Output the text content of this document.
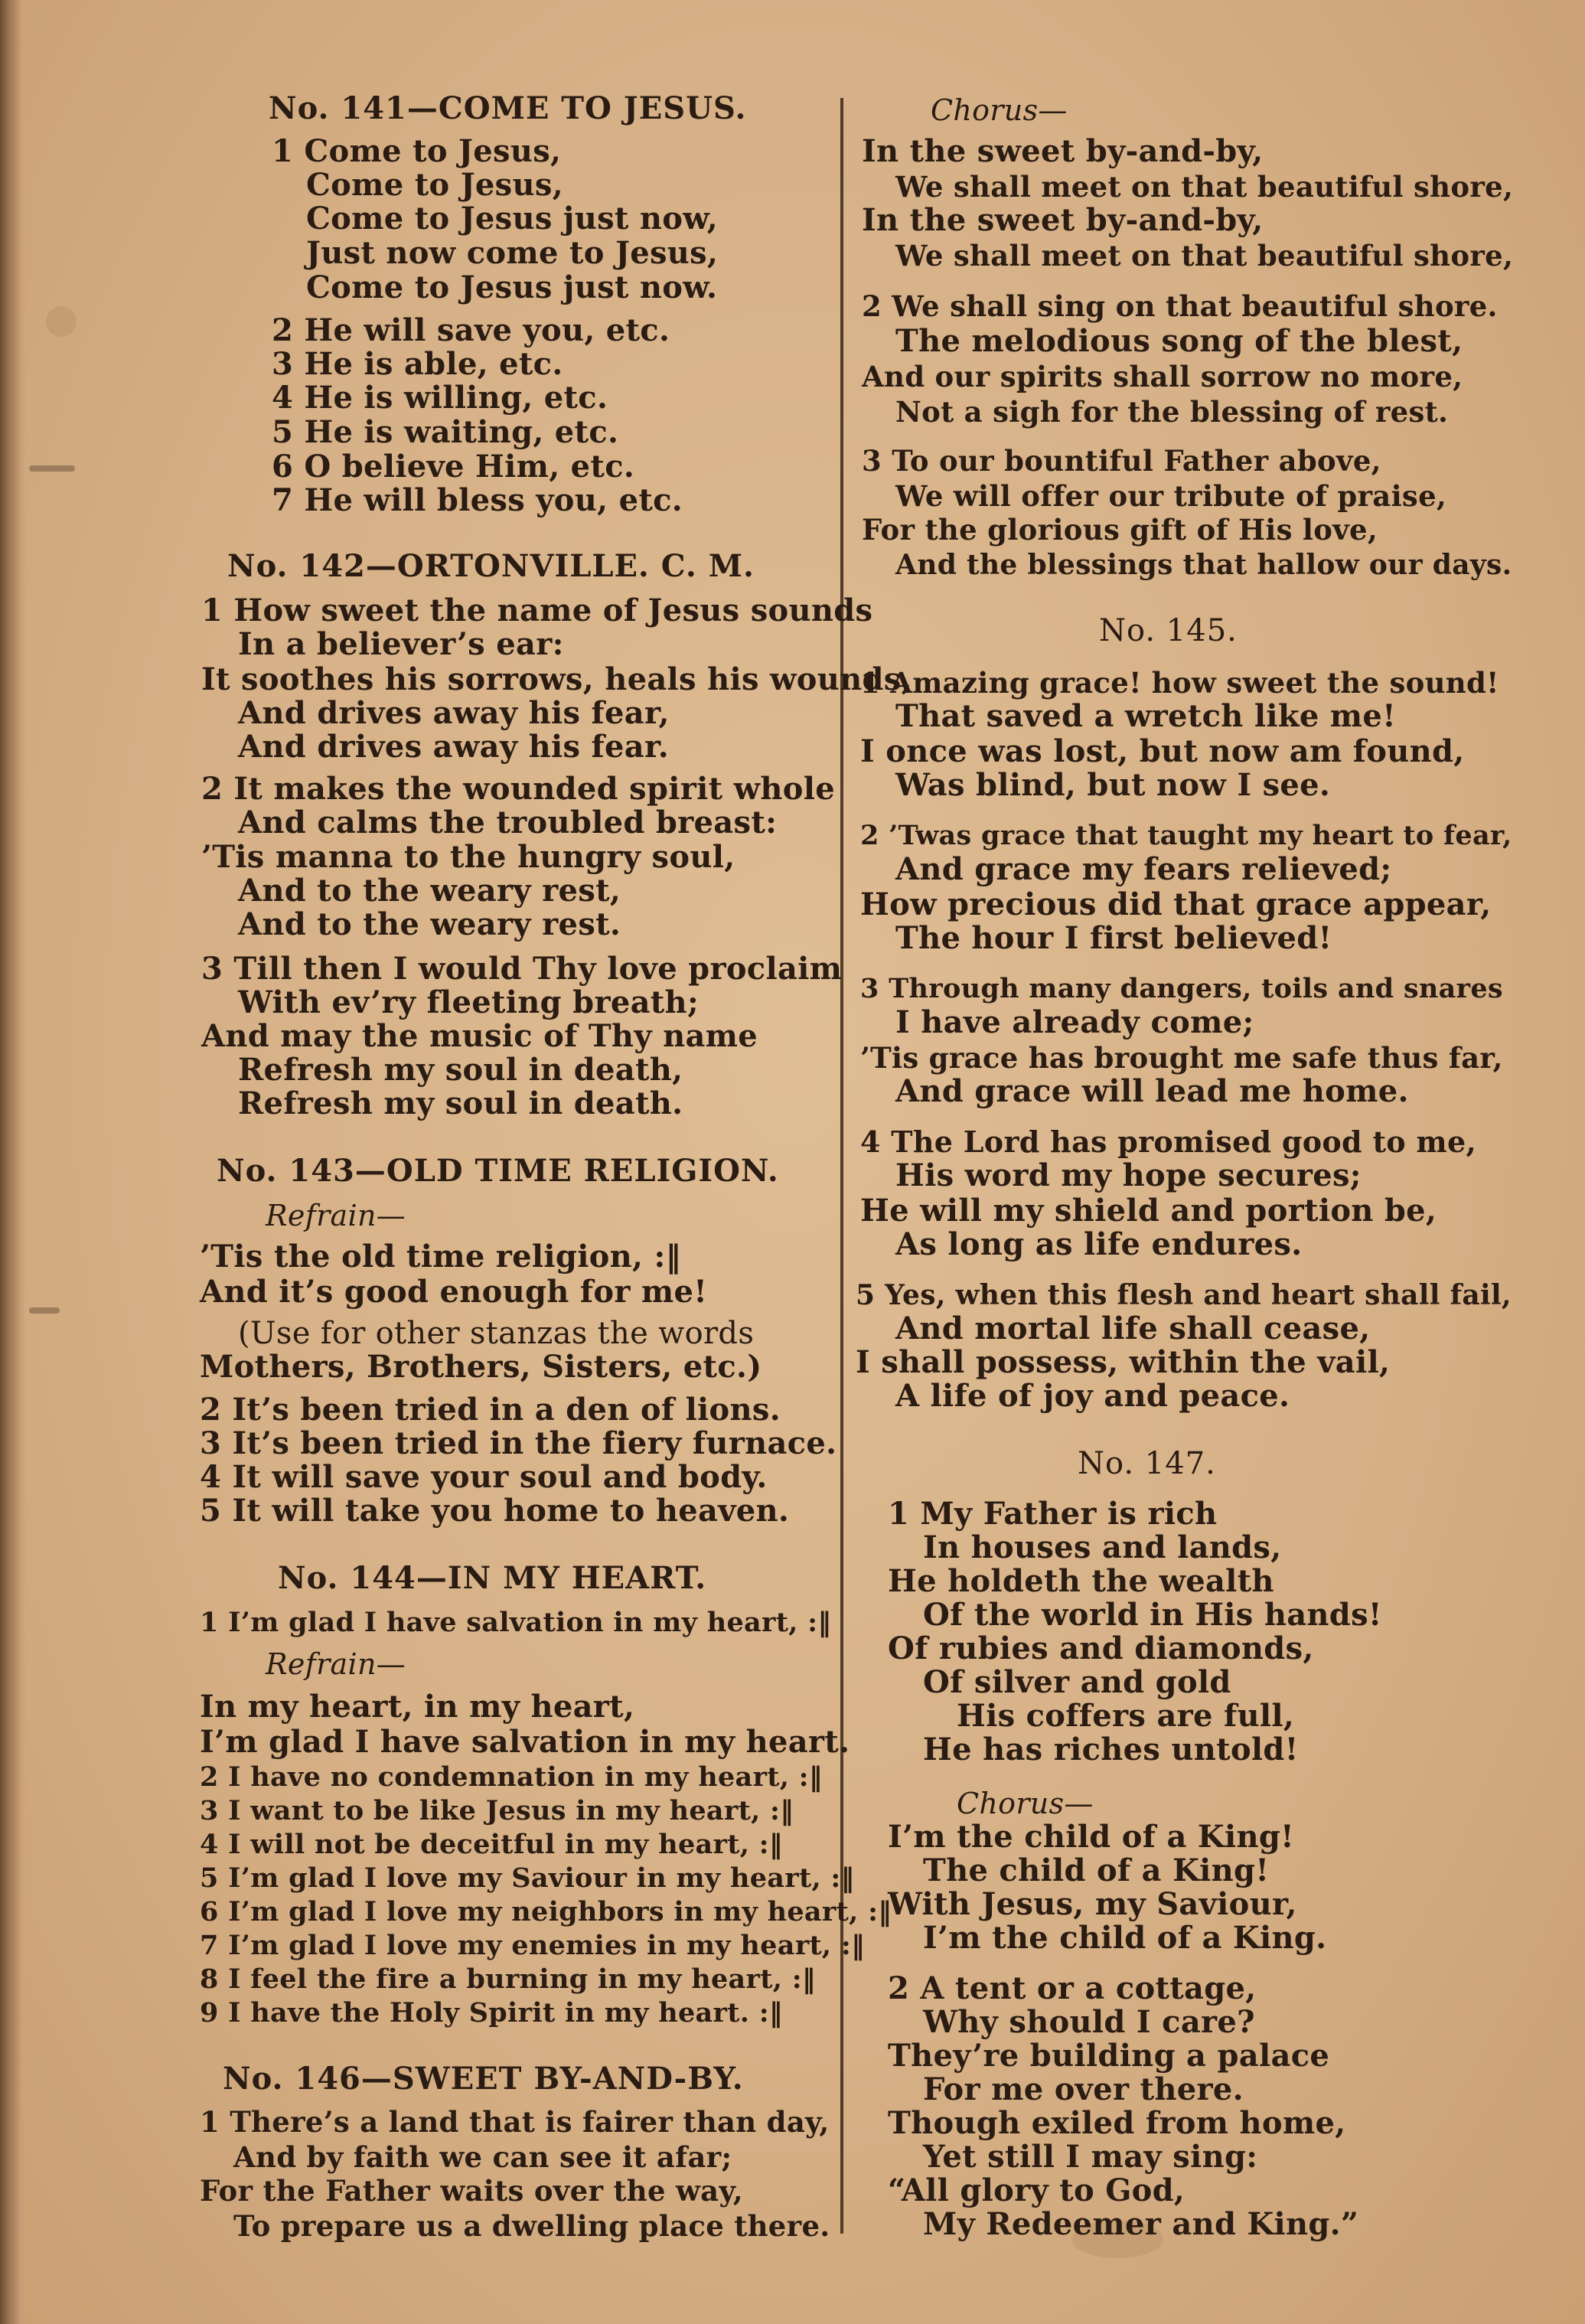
No. 141—COME TO JESUS.
1 Come to Jesus,
Come to Jesus,
Come to Jesus just now,
Just now come to Jesus,
Come to Jesus just now.
2 He will save you, etc.
3 He is able, etc.
4 He is willing, etc.
5 He is waiting, etc.
6 O believe Him, etc.
7 He will bless you, etc.
No. 142—ORTONVILLE. C. M.
1 How sweet the name of Jesus sounds
In a believer’s ear:
It soothes his sorrows, heals his wounds,
And drives away his fear,
And drives away his fear.
2 It makes the wounded spirit whole
And calms the troubled breast:
’Tis manna to the hungry soul,
And to the weary rest,
And to the weary rest.
3 Till then I would Thy love proclaim
With ev’ry fleeting breath;
And may the music of Thy name
Refresh my soul in death,
Refresh my soul in death.
No. 143—OLD TIME RELIGION.
Refrain—
’Tis the old time religion, :‖
And it’s good enough for me!
(Use for other stanzas the words
Mothers, Brothers, Sisters, etc.)
2 It’s been tried in a den of lions.
3 It’s been tried in the fiery furnace.
4 It will save your soul and body.
5 It will take you home to heaven.
No. 144—IN MY HEART.
1 I’m glad I have salvation in my heart, :‖
Refrain—
In my heart, in my heart,
I’m glad I have salvation in my heart.
2 I have no condemnation in my heart, :‖
3 I want to be like Jesus in my heart, :‖
4 I will not be deceitful in my heart, :‖
5 I’m glad I love my Saviour in my heart, :‖
6 I’m glad I love my neighbors in my heart, :‖
7 I’m glad I love my enemies in my heart, :‖
8 I feel the fire a burning in my heart, :‖
9 I have the Holy Spirit in my heart. :‖
No. 146—SWEET BY-AND-BY.
1 There’s a land that is fairer than day,
And by faith we can see it afar;
For the Father waits over the way,
To prepare us a dwelling place there.
Chorus—
In the sweet by-and-by,
We shall meet on that beautiful shore,
In the sweet by-and-by,
We shall meet on that beautiful shore,
2 We shall sing on that beautiful shore.
The melodious song of the blest,
And our spirits shall sorrow no more,
Not a sigh for the blessing of rest.
3 To our bountiful Father above,
We will offer our tribute of praise,
For the glorious gift of His love,
And the blessings that hallow our days.
No. 145.
1 Amazing grace! how sweet the sound!
That saved a wretch like me!
I once was lost, but now am found,
Was blind, but now I see.
2 ’Twas grace that taught my heart to fear,
And grace my fears relieved;
How precious did that grace appear,
The hour I first believed!
3 Through many dangers, toils and snares
I have already come;
’Tis grace has brought me safe thus far,
And grace will lead me home.
4 The Lord has promised good to me,
His word my hope secures;
He will my shield and portion be,
As long as life endures.
5 Yes, when this flesh and heart shall fail,
And mortal life shall cease,
I shall possess, within the vail,
A life of joy and peace.
No. 147.
1 My Father is rich
In houses and lands,
He holdeth the wealth
Of the world in His hands!
Of rubies and diamonds,
Of silver and gold
His coffers are full,
He has riches untold!
Chorus—
I’m the child of a King!
The child of a King!
With Jesus, my Saviour,
I’m the child of a King.
2 A tent or a cottage,
Why should I care?
They’re building a palace
For me over there.
Though exiled from home,
Yet still I may sing:
“All glory to God,
My Redeemer and King.”
